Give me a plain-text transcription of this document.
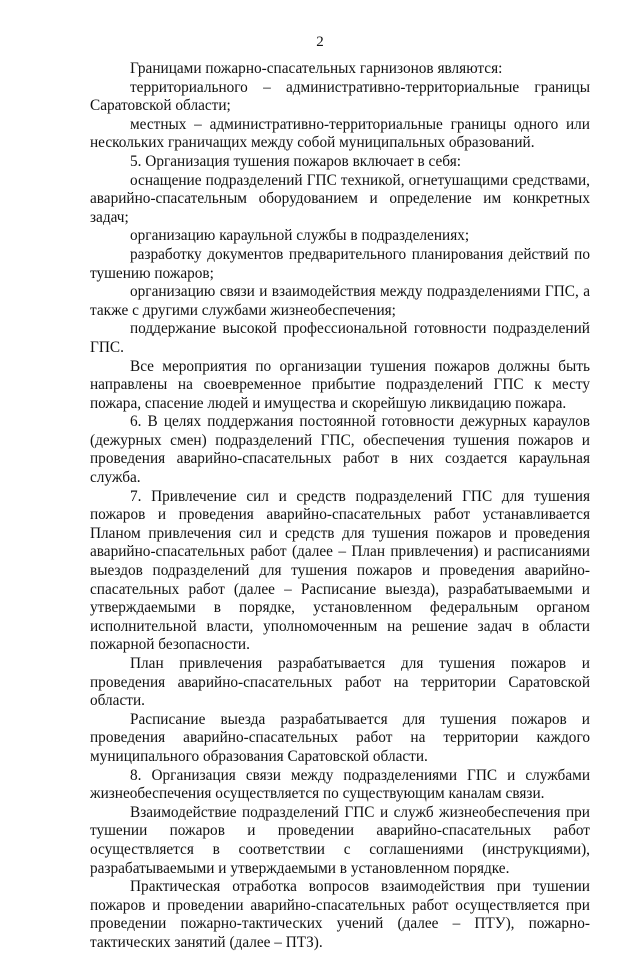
2

Границами пожарно-спасательных гарнизонов являются:

территориального – административно-территориальные границы Саратовской области;

местных – административно-территориальные границы одного или нескольких граничащих между собой муниципальных образований.

5. Организация тушения пожаров включает в себя:

оснащение подразделений ГПС техникой, огнетушащими средствами, аварийно-спасательным оборудованием и определение им конкретных задач;

организацию караульной службы в подразделениях;

разработку документов предварительного планирования действий по тушению пожаров;

организацию связи и взаимодействия между подразделениями ГПС, а также с другими службами жизнеобеспечения;

поддержание высокой профессиональной готовности подразделений ГПС.

Все мероприятия по организации тушения пожаров должны быть направлены на своевременное прибытие подразделений ГПС к месту пожара, спасение людей и имущества и скорейшую ликвидацию пожара.

6. В целях поддержания постоянной готовности дежурных караулов (дежурных смен) подразделений ГПС, обеспечения тушения пожаров и проведения аварийно-спасательных работ в них создается караульная служба.

7. Привлечение сил и средств подразделений ГПС для тушения пожаров и проведения аварийно-спасательных работ устанавливается Планом привлечения сил и средств для тушения пожаров и проведения аварийно-спасательных работ (далее – План привлечения) и расписаниями выездов подразделений для тушения пожаров и проведения аварийно-спасательных работ (далее – Расписание выезда), разрабатываемыми и утверждаемыми в порядке, установленном федеральным органом исполнительной власти, уполномоченным на решение задач в области пожарной безопасности.

План привлечения разрабатывается для тушения пожаров и проведения аварийно-спасательных работ на территории Саратовской области.

Расписание выезда разрабатывается для тушения пожаров и проведения аварийно-спасательных работ на территории каждого муниципального образования Саратовской области.

8. Организация связи между подразделениями ГПС и службами жизнеобеспечения осуществляется по существующим каналам связи.

Взаимодействие подразделений ГПС и служб жизнеобеспечения при тушении пожаров и проведении аварийно-спасательных работ осуществляется в соответствии с соглашениями (инструкциями), разрабатываемыми и утверждаемыми в установленном порядке.

Практическая отработка вопросов взаимодействия при тушении пожаров и проведении аварийно-спасательных работ осуществляется при проведении пожарно-тактических учений (далее – ПТУ), пожарно-тактических занятий (далее – ПТЗ).
